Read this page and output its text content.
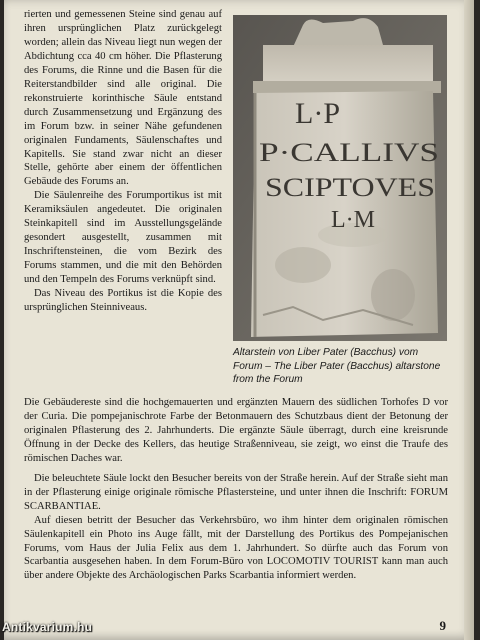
rierten und gemessenen Steine sind genau auf ihren ursprünglichen Platz zurückgelegt worden; allein das Niveau liegt nun wegen der Abdichtung cca 40 cm höher. Die Pflasterung des Forums, die Rinne und die Basen für die Reiterstandbilder sind alle original. Die rekonstruierte korinthische Säule entstand durch Zusammensetzung und Ergänzung des im Forum bzw. in seiner Nähe gefundenen originalen Fundaments, Säulenschaftes und Kapitells. Sie stand zwar nicht an dieser Stelle, gehörte aber einem der öffentlichen Gebäude des Forums an.

Die Säulenreihe des Forumportikus ist mit Keramiksäulen angedeutet. Die originalen Steinkapitell sind im Ausstellungsgelände gesondert ausgestellt, zusammen mit Inschriftensteinen, die vom Bezirk des Forums stammen, und die mit den Behörden und den Tempeln des Forums verknüpft sind.

Das Niveau des Portikus ist die Kopie des ursprünglichen Steinniveaus.

L·P
P·CALLIVS
SCIPTOVES
L·M
Altarstein von Liber Pater (Bacchus) vom Forum – The Liber Pater (Bacchus) altarstone from the Forum

Die Gebäudereste sind die hochgemauerten und ergänzten Mauern des südlichen Torhofes D vor der Curia. Die pompejanischrote Farbe der Betonmauern des Schutzbaus dient der Betonung der originalen Pflasterung des 2. Jahrhunderts. Die ergänzte Säule überragt, durch eine kreisrunde Öffnung in der Decke des Kellers, das heutige Straßenniveau, sie zeigt, wo einst die Traufe des römischen Daches war.

Die beleuchtete Säule lockt den Besucher bereits von der Straße herein. Auf der Straße sieht man in der Pflasterung einige originale römische Pflastersteine, und unter ihnen die Inschrift: FORUM SCARBANTIAE.

Auf diesen betritt der Besucher das Verkehrsbüro, wo ihm hinter dem originalen römischen Säulenkapitell ein Photo ins Auge fällt, mit der Darstellung des Portikus des Pompejanischen Forums, vom Haus der Julia Felix aus dem 1. Jahrhundert. So dürfte auch das Forum von Scarbantia ausgesehen haben. In dem Forum-Büro von LOCOMOTIV TOURIST kann man auch über andere Objekte des Archäologischen Parks Scarbantia informiert werden.

9
Antikvarium.hu
